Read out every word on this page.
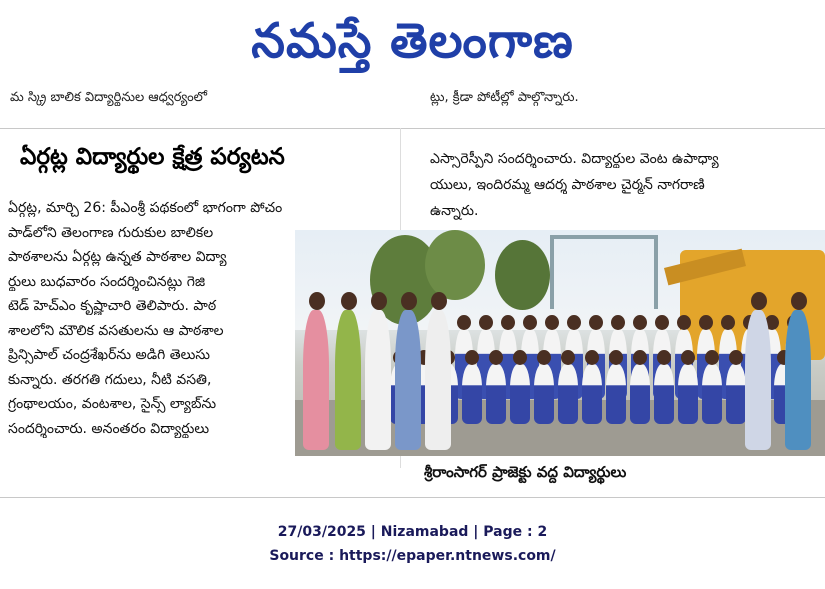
నమస్తే తెలంగాణ
మ స్క్రి బాలిక విద్యార్థినుల ఆధ్వర్యంలో	ట్లు, క్రీడా పోటీల్లో పాల్గొన్నారు.
ఏర్గట్ల విద్యార్థుల క్షేత్ర పర్యటన
ఏర్గట్ల, మార్చి 26: పీఎంశ్రీ పథకంలో భాగంగా పోచం
పాడ్‌లోని తెలంగాణ గురుకుల బాలికల
పాఠశాలను ఏర్గట్ల ఉన్నత పాఠశాల విద్యా
ర్థులు బుధవారం సందర్శించినట్లు గెజి
టెడ్ హెచ్ఎం కృష్ణాచారి తెలిపారు. పాఠ
శాలలోని మౌలిక వసతులను ఆ పాఠశాల
ప్రిన్సిపాల్ చంద్రశేఖర్‌ను అడిగి తెలుసు
కున్నారు. తరగతి గదులు, నీటి వసతి,
గ్రంథాలయం, వంటశాల, సైన్స్ ల్యాబ్‌ను
సందర్శించారు. అనంతరం విద్యార్థులు
ఎస్సారెస్పీని సందర్శించారు. విద్యార్థుల వెంట ఉపాధ్యా
యులు, ఇందిరమ్మ ఆదర్శ పాఠశాల చైర్మన్ నాగరాణి
ఉన్నారు.
శ్రీరాంసాగర్ ప్రాజెక్టు వద్ద విద్యార్థులు
27/03/2025 | Nizamabad | Page : 2
Source : https://epaper.ntnews.com/
